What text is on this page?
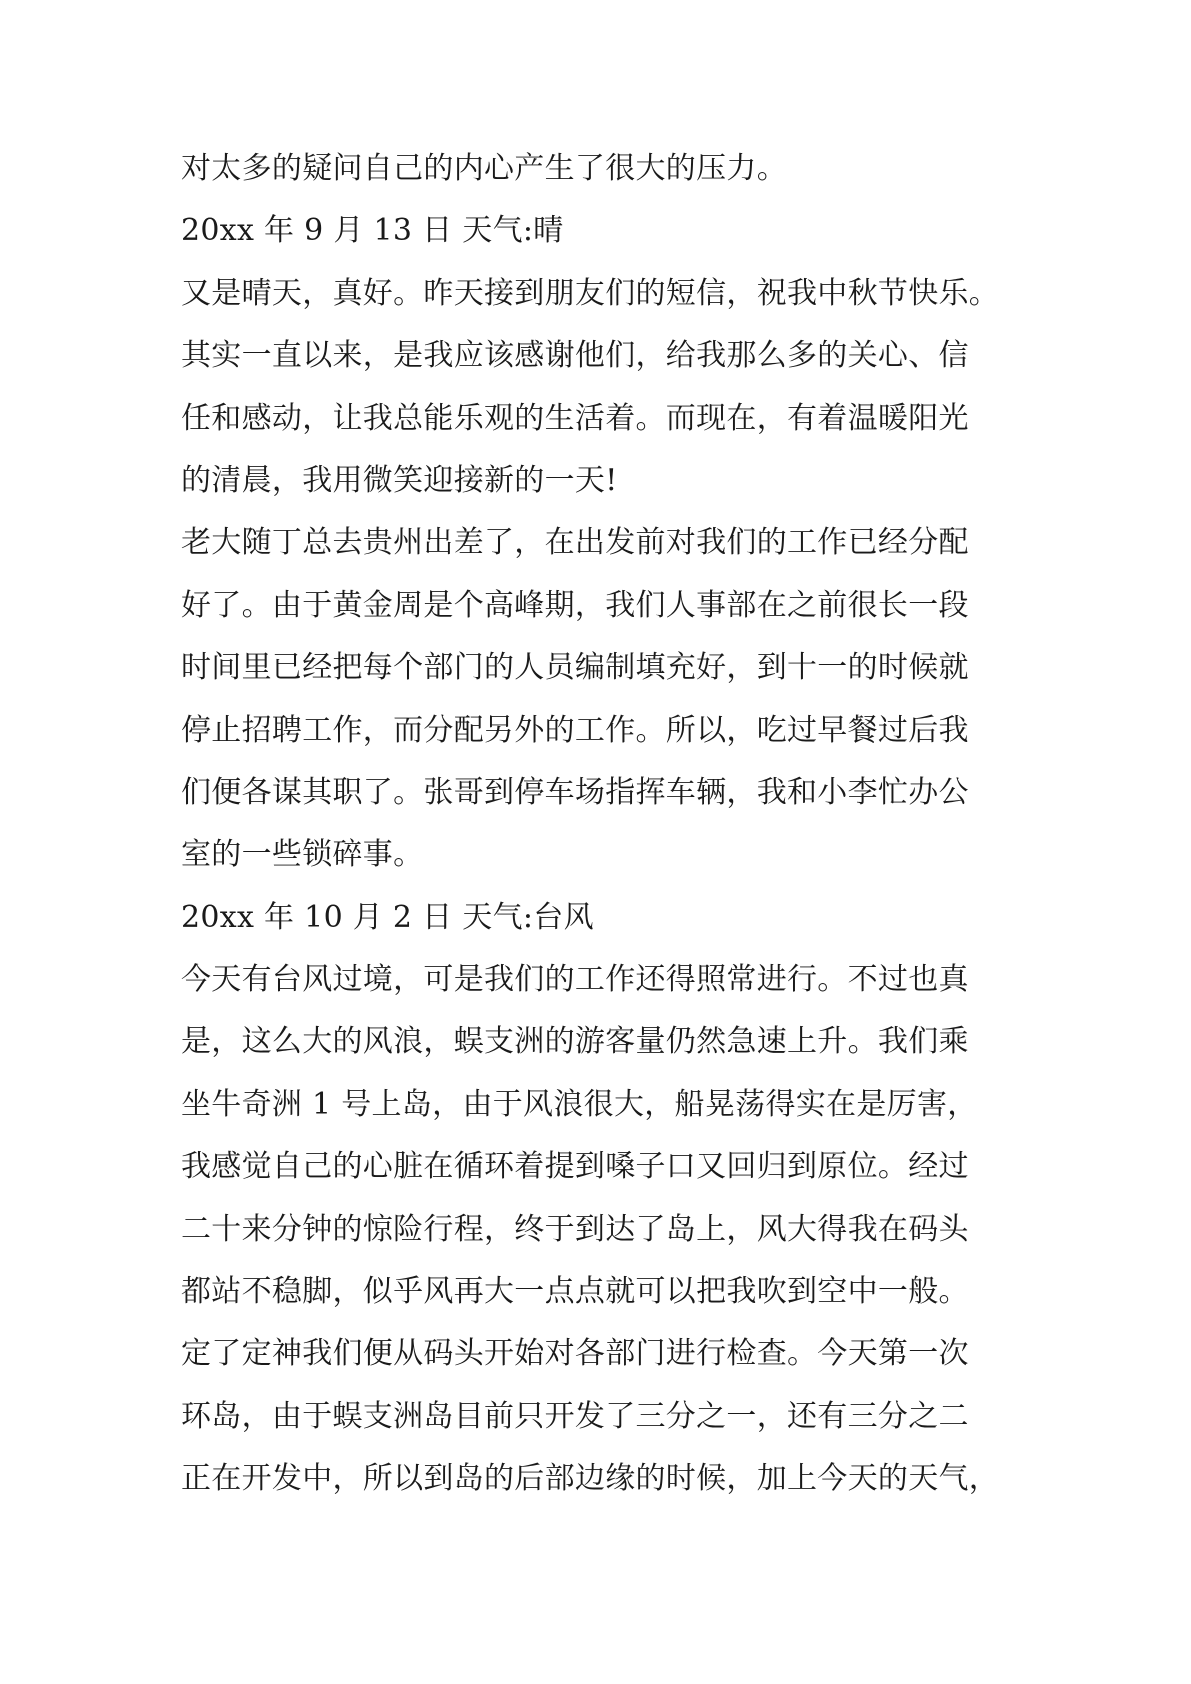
对太多的疑问自己的内心产生了很大的压力。
20xx 年 9 月 13 日 天气:晴
又是晴天，真好。昨天接到朋友们的短信，祝我中秋节快乐。
其实一直以来，是我应该感谢他们，给我那么多的关心、信
任和感动，让我总能乐观的生活着。而现在，有着温暖阳光
的清晨，我用微笑迎接新的一天!
老大随丁总去贵州出差了，在出发前对我们的工作已经分配
好了。由于黄金周是个高峰期，我们人事部在之前很长一段
时间里已经把每个部门的人员编制填充好，到十一的时候就
停止招聘工作，而分配另外的工作。所以，吃过早餐过后我
们便各谋其职了。张哥到停车场指挥车辆，我和小李忙办公
室的一些锁碎事。
20xx 年 10 月 2 日 天气:台风
今天有台风过境，可是我们的工作还得照常进行。不过也真
是，这么大的风浪，蜈支洲的游客量仍然急速上升。我们乘
坐牛奇洲 1 号上岛，由于风浪很大，船晃荡得实在是厉害，
我感觉自己的心脏在循环着提到嗓子口又回归到原位。经过
二十来分钟的惊险行程，终于到达了岛上，风大得我在码头
都站不稳脚，似乎风再大一点点就可以把我吹到空中一般。
定了定神我们便从码头开始对各部门进行检查。今天第一次
环岛，由于蜈支洲岛目前只开发了三分之一，还有三分之二
正在开发中，所以到岛的后部边缘的时候，加上今天的天气，
